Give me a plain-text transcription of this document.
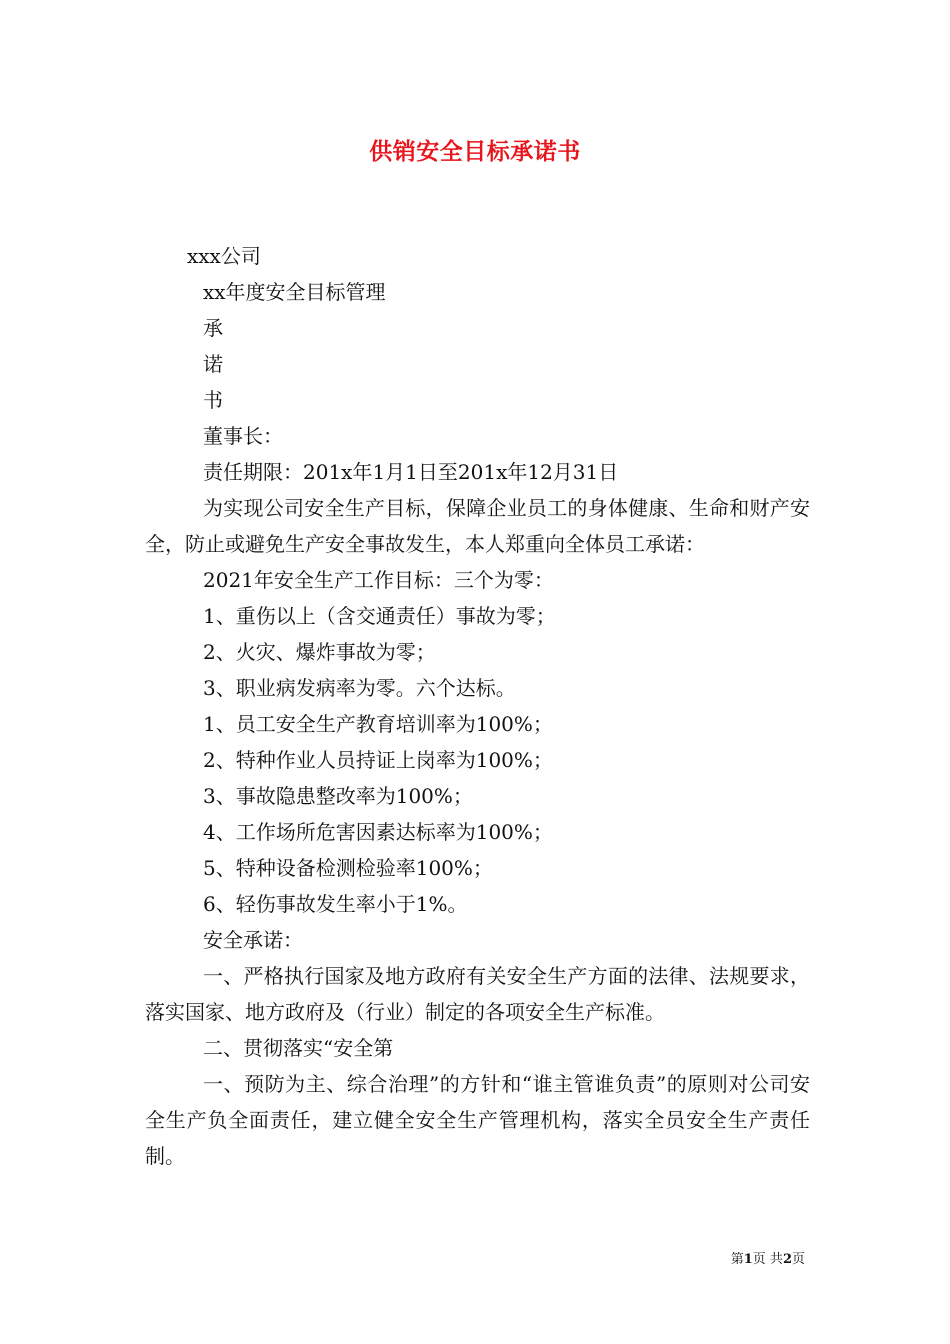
供销安全目标承诺书
xxx公司
xx年度安全目标管理
承
诺
书
董事长：
责任期限：201x年1月1日至201x年12月31日
为实现公司安全生产目标，保障企业员工的身体健康、生命和财产安全，防止或避免生产安全事故发生，本人郑重向全体员工承诺：
2021年安全生产工作目标：三个为零：
1、重伤以上（含交通责任）事故为零；
2、火灾、爆炸事故为零；
3、职业病发病率为零。六个达标。
1、员工安全生产教育培训率为100%；
2、特种作业人员持证上岗率为100%；
3、事故隐患整改率为100%；
4、工作场所危害因素达标率为100%；
5、特种设备检测检验率100%；
6、轻伤事故发生率小于1%。
安全承诺：
一、严格执行国家及地方政府有关安全生产方面的法律、法规要求，落实国家、地方政府及（行业）制定的各项安全生产标准。
二、贯彻落实“安全第
一、预防为主、综合治理”的方针和“谁主管谁负责”的原则对公司安全生产负全面责任，建立健全安全生产管理机构，落实全员安全生产责任制。
第1页 共2页
